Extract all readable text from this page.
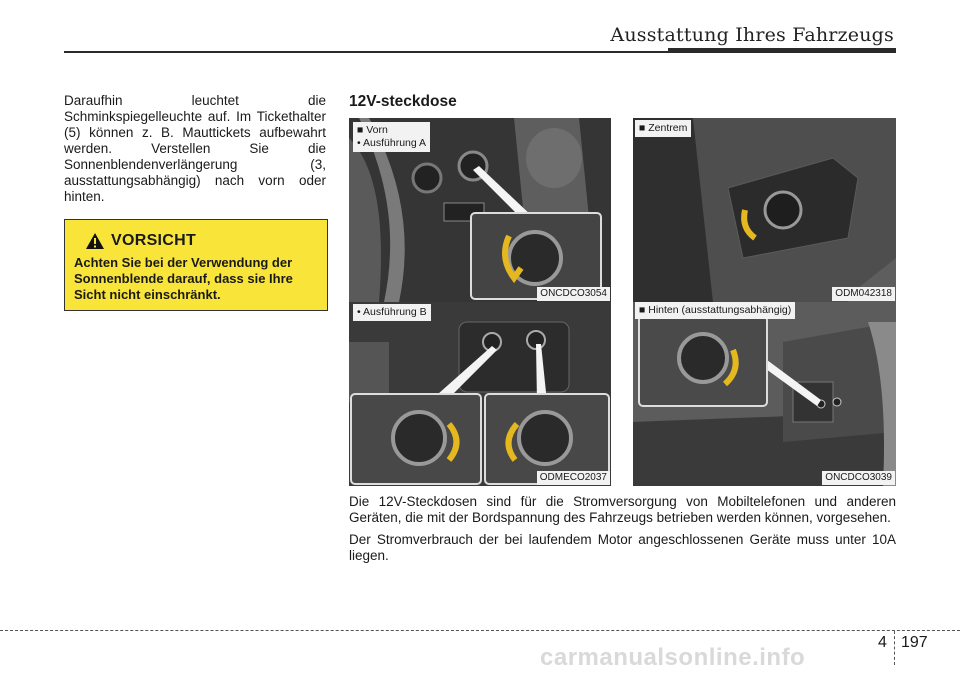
Ausstattung Ihres Fahrzeugs
Daraufhin leuchtet die Schminkspiegelleuchte auf. Im Tickethalter (5) können z. B. Mauttickets aufbewahrt werden. Verstellen Sie die Sonnenblendenverlängerung (3, ausstattungsabhängig) nach vorn oder hinten.
VORSICHT
Achten Sie bei der Verwendung der Sonnenblende darauf, dass sie Ihre Sicht nicht einschränkt.
12V-steckdose
■ Vorn
• Ausführung A
ONCDCO3054
• Ausführung B
ODMECO2037
■ Zentrem
ODM042318
■ Hinten (ausstattungsabhängig)
ONCDCO3039

Die 12V-Steckdosen sind für die Stromversorgung von Mobiltelefonen und anderen Geräten, die mit der Bordspannung des Fahrzeugs betrieben werden können, vorgesehen.

Der Stromverbrauch der bei laufendem Motor angeschlossenen Geräte muss unter 10A liegen.

4 197
carmanualsonline.info
